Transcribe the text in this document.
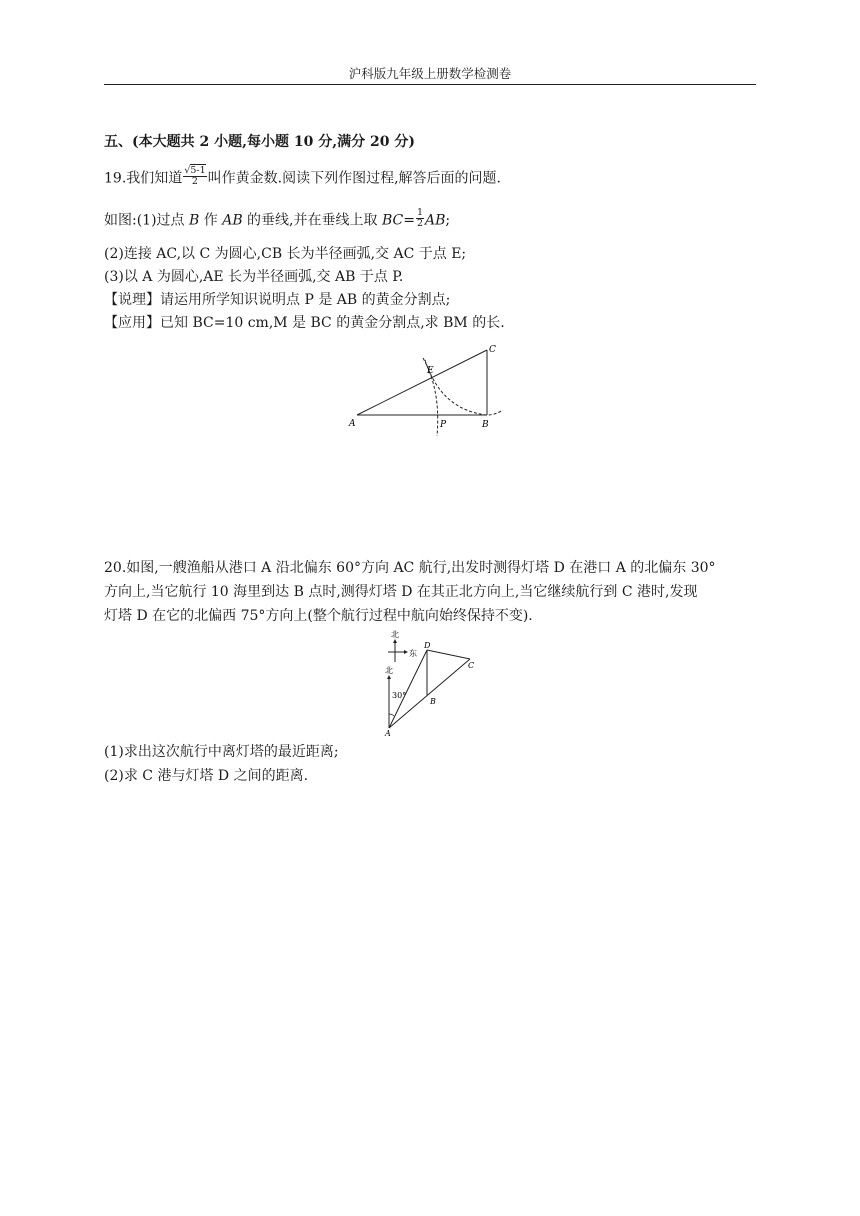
沪科版九年级上册数学检测卷
五、(本大题共 2 小题,每小题 10 分,满分 20 分)
19.我们知道 $\frac{√5-1}{2}$ 叫作黄金数.阅读下列作图过程,解答后面的问题.
如图:(1)过点 B 作 AB 的垂线,并在垂线上取 $BC= \frac{1}{2}$ AB;
(2)连接 AC,以 C 为圆心,CB 长为半径画弧,交 AC 于点 E;
(3)以 A 为圆心,AE 长为半径画弧,交 AB 于点 P.
【说理】请运用所学知识说明点 P 是 AB 的黄金分割点;
【应用】已知 BC=10 cm,M 是 BC 的黄金分割点,求 BM 的长.
A	B
C
E
P
20.如图,一艘渔船从港口 A 沿北偏东 60°方向 AC 航行,出发时测得灯塔 D 在港口 A 的北偏东 30°
方向上,当它航行 10 海里到达 B 点时,测得灯塔 D 在其正北方向上,当它继续航行到 C 港时,发现
灯塔 D 在它的北偏西 75°方向上(整个航行过程中航向始终保持不变).
北
东
北
30°
A
B
C
D
(1)求出这次航行中离灯塔的最近距离;
(2)求 C 港与灯塔 D 之间的距离.
